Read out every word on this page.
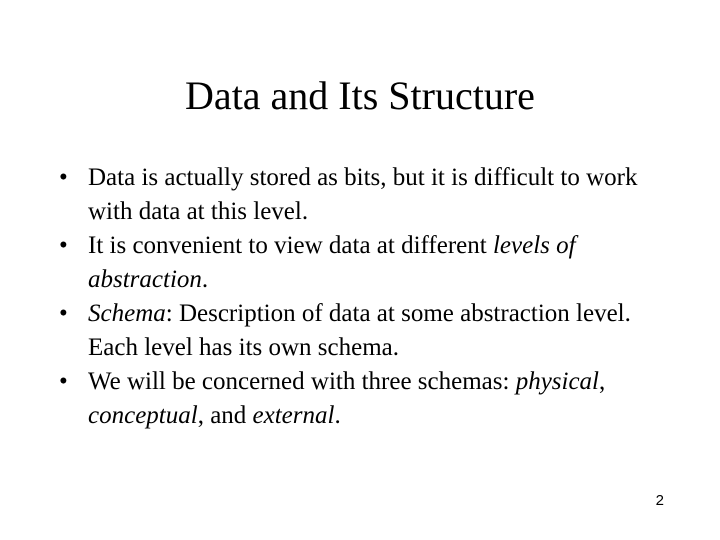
Data and Its Structure
• Data is actually stored as bits, but it is difficult to work with data at this level.
• It is convenient to view data at different levels of abstraction.
• Schema: Description of data at some abstraction level. Each level has its own schema.
• We will be concerned with three schemas: physical, conceptual, and external.
2
